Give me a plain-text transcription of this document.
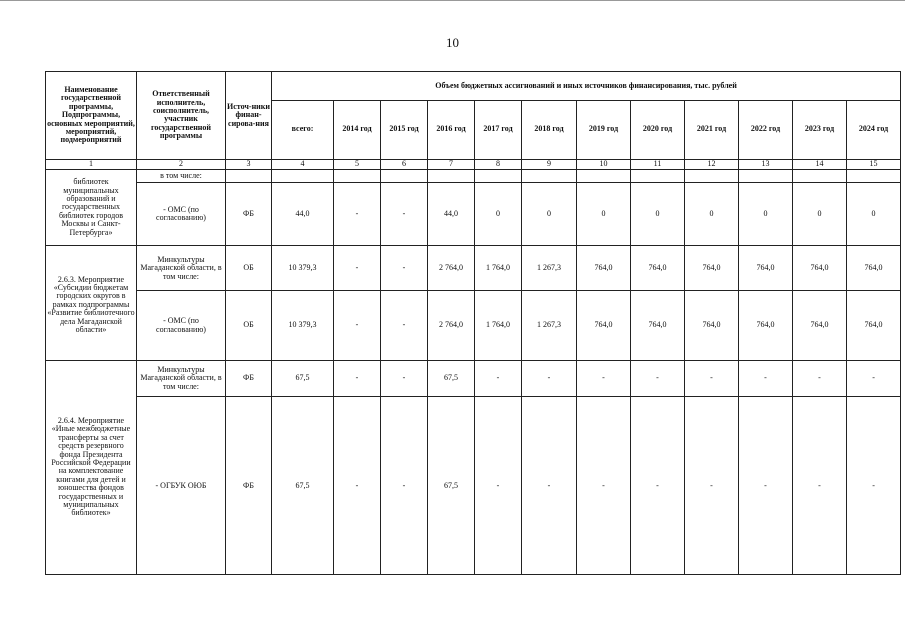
10
Наименование государственной программы, Подпрограммы, основных мероприятий, мероприятий, подмероприятий	Ответственный исполнитель, соисполнитель, участник государственной программы	Источ-ники финан-сирова-ния	Объем бюджетных ассигнований и иных источников финансирования, тыс. рублей											
			всего:	2014 год	2015 год	2016 год	2017 год	2018 год	2019 год	2020 год	2021 год	2022 год	2023 год	2024 год
1	2	3	4	5	6	7	8	9	10	11	12	13	14	15
библиотек муниципальных образований и государственных библиотек городов Москвы и Санкт-Петербурга»	в том числе:													
	- ОМС (по согласованию)	ФБ	44,0	-	-	44,0	0	0	0	0	0	0	0	0
2.6.3. Мероприятие «Субсидии бюджетам городских округов в рамках подпрограммы «Развитие библиотечного дела Магаданской области»	Минкультуры Магаданской области, в том числе:	ОБ	10 379,3	-	-	2 764,0	1 764,0	1 267,3	764,0	764,0	764,0	764,0	764,0	764,0
	- ОМС (по согласованию)	ОБ	10 379,3	-	-	2 764,0	1 764,0	1 267,3	764,0	764,0	764,0	764,0	764,0	764,0
2.6.4. Мероприятие «Иные межбюджетные трансферты за счет средств резервного фонда Президента Российской Федерации на комплектование книгами для детей и юношества фондов государственных и муниципальных библиотек»	Минкультуры Магаданской области, в том числе:	ФБ	67,5	-	-	67,5	-	-	-	-	-	-	-	-
	- ОГБУК ОЮБ	ФБ	67,5	-	-	67,5	-	-	-	-	-	-	-	-
